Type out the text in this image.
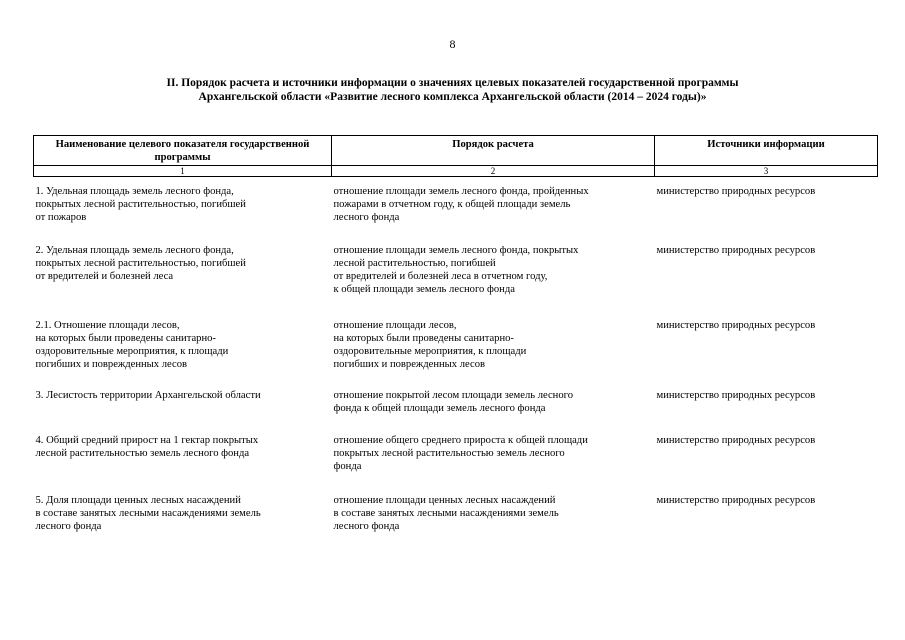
8
II. Порядок расчета и источники информации о значениях целевых показателей государственной программы
Архангельской области «Развитие лесного комплекса Архангельской области (2014 – 2024 годы)»
Наименование целевого показателя государственной программы	Порядок расчета	Источники информации
1	2	3
1. Удельная площадь земель лесного фонда,
покрытых лесной растительностью, погибшей
от пожаров	отношение площади земель лесного фонда, пройденных
пожарами в отчетном году, к общей площади земель
лесного фонда	министерство природных ресурсов
2. Удельная площадь земель лесного фонда,
покрытых лесной растительностью, погибшей
от вредителей и болезней леса	отношение площади земель лесного фонда, покрытых
лесной растительностью, погибшей
от вредителей и болезней леса в отчетном году,
к общей площади земель лесного фонда	министерство природных ресурсов
2.1. Отношение площади лесов,
на которых были проведены санитарно-
оздоровительные мероприятия, к площади
погибших и поврежденных лесов	отношение площади лесов,
на которых были проведены санитарно-
оздоровительные мероприятия, к площади
погибших и поврежденных лесов	министерство природных ресурсов
3. Лесистость территории Архангельской области	отношение покрытой лесом площади земель лесного
фонда к общей площади земель лесного фонда	министерство природных ресурсов
4. Общий средний прирост на 1 гектар покрытых
лесной растительностью земель лесного фонда	отношение общего среднего прироста к общей площади
покрытых лесной растительностью земель лесного
фонда	министерство природных ресурсов
5. Доля площади ценных лесных насаждений
в составе занятых лесными насаждениями земель
лесного фонда	отношение площади ценных лесных насаждений
в составе занятых лесными насаждениями земель
лесного фонда	министерство природных ресурсов
